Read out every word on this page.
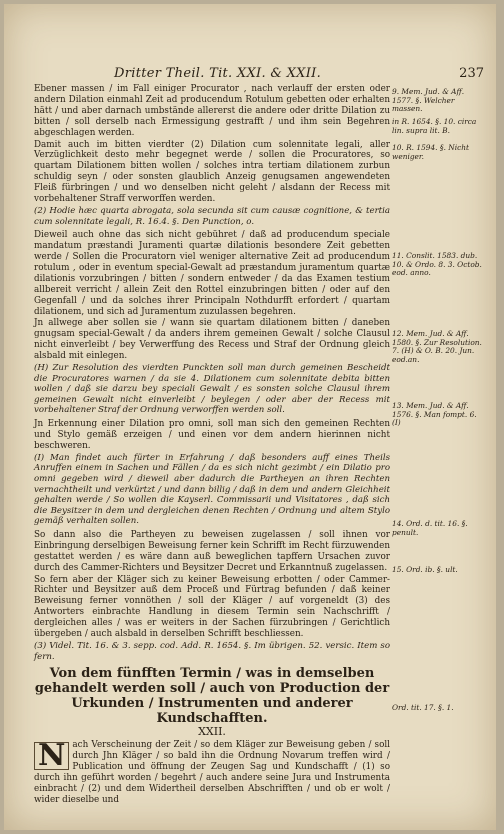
Dritter Theil. Tit. XXI. & XXII.	237

Ebener massen / im Fall einiger Procurator , nach verlauff der ersten oder andern Dilation einmahl Zeit ad producendum Rotulum gebetten oder erhalten hätt / und aber darnach umbstände allererst die andere oder dritte Dilation zu bitten / soll derselb nach Ermessigung gestrafft / und ihm sein Begehren abgeschlagen werden.

Damit auch im bitten vierdter (2) Dilation cum solennitate legali, aller Verzüglichkeit desto mehr begegnet werde / sollen die Procuratores, so quartam Dilationem bitten wollen / solches intra tertiam dilationem zurbun schuldig seyn / oder sonsten glaublich Anzeig genugsamen angewendeten Fleiß fürbringen / und wo denselben nicht geleht / alsdann der Recess mit vorbehaltener Straff verworffen werden.

(2) Hodie hæc quarta abrogata, sola secunda sit cum causæ cognitione, & tertia cum solennitate legali, R. 16.4. §. Den Punction, o.

Dieweil auch ohne das sich nicht gebühret / daß ad producendum speciale mandatum præstandi Juramenti quartæ dilationis besondere Zeit gebetten werde / Sollen die Procuratorn viel weniger alternative Zeit ad producendum rotulum , oder in eventum special-Gewalt ad præstandum juramentum quartæ dilationis vorzubringen / bitten / sondern entweder / da das Examen testium allbereit verricht / allein Zeit den Rottel einzubringen bitten / oder auf den Gegenfall / und da solches ihrer Principaln Nothdurfft erfordert / quartam dilationem, und sich ad Juramentum zuzulassen begehren.

Jn allwege aber sollen sie / wann sie quartam dilationem bitten / daneben gnugsam special-Gewalt / da anders ihrem gemeinen Gewalt / solche Clausul nicht einverleibt / bey Verwerffung des Recess und Straf der Ordnung gleich alsbald mit einlegen.

(H) Zur Resolution des vierdten Punckten soll man durch gemeinen Bescheidt die Procuratores warnen / da sie 4. Dilationem cum solennitate debita bitten wollen / daß sie darzu bey speciali Gewalt / es sonsten solche Clausul ihrem gemeinen Gewalt nicht einverleibt / beylegen / oder aber der Recess mit vorbehaltener Straf der Ordnung verworffen werden soll.

Jn Erkennung einer Dilation pro omni, soll man sich den gemeinen Rechten und Stylo gemäß erzeigen / und einen vor dem andern hierinnen nicht beschweren.

(I) Man findet auch fürter in Erfahrung / daß besonders auff eines Theils Anruffen einem in Sachen und Fällen / da es sich nicht gezimbt / ein Dilatio pro omni gegeben wird / dieweil aber dadurch die Partheyen an ihren Rechten vernachtheilt und verkürtzt / und dann billig / daß in dem und andern Gleichheit gehalten werde / So wollen die Kayserl. Commissarii und Visitatores , daß sich die Beysitzer in dem und dergleichen denen Rechten / Ordnung und altem Stylo gemäß verhalten sollen.

So dann also die Partheyen zu beweisen zugelassen / soll ihnen vor Einbringung derselbigen Beweisung ferner kein Schrifft im Recht fürzuwenden gestattet werden / es wäre dann auß beweglichen tapffern Ursachen zuvor durch des Cammer-Richters und Beysitzer Decret und Erkanntnuß zugelassen.

So fern aber der Kläger sich zu keiner Beweisung erbotten / oder Cammer-Richter und Beysitzer auß dem Proceß und Fürtrag befunden / daß keiner Beweisung ferner vonnöthen / soll der Kläger / auf vorgeneldt (3) des Antworters einbrachte Handlung in diesem Termin sein Nachschrifft / dergleichen alles / was er weiters in der Sachen fürzubringen / Gerichtlich übergeben / auch alsbald in derselben Schrifft beschliessen.

(3) Videl. Tit. 16. & 3. sepp. cod. Add. R. 1654. §. Im übrigen. 52. versic. Item so fern.

Von dem fünfften Termin / was in demselben gehandelt werden soll / auch von Production der Urkunden / Instrumenten und anderer Kundschafften.
XXII.

N ach Verscheinung der Zeit / so dem Kläger zur Beweisung geben / soll durch Jhn Kläger / so bald ihn die Ordnung Novarum treffen wird / Publication und öffnung der Zeugen Sag und Kundschafft / (1) so durch ihn geführt worden / begehrt / auch andere seine Jura und Instrumenta einbracht / (2) und dem Widertheil derselben Abschrifften / und ob er wolt / wider dieselbe und

9. Mem. Jud. & Aff. 1577. §. Welcher massen.
in R. 1654. §. 10. circa lin. supra lit. B.
10. R. 1594. §. Nicht weniger.
11. Conslit. 1583. dub. 10. & Ordo. 8. 3. Octob. eod. anno.
12. Mem. Jud. & Aff. 1580. §. Zur Resolution. 7. (H) & O. B. 20. Jun. eod.an.
13. Mem. Jud. & Aff. 1576. §. Man fompt. 6. (I)
14. Ord. d. tit. 16. §. penult.
15. Ord. ib. §. ult.
Ord. tit. 17. §. 1.
